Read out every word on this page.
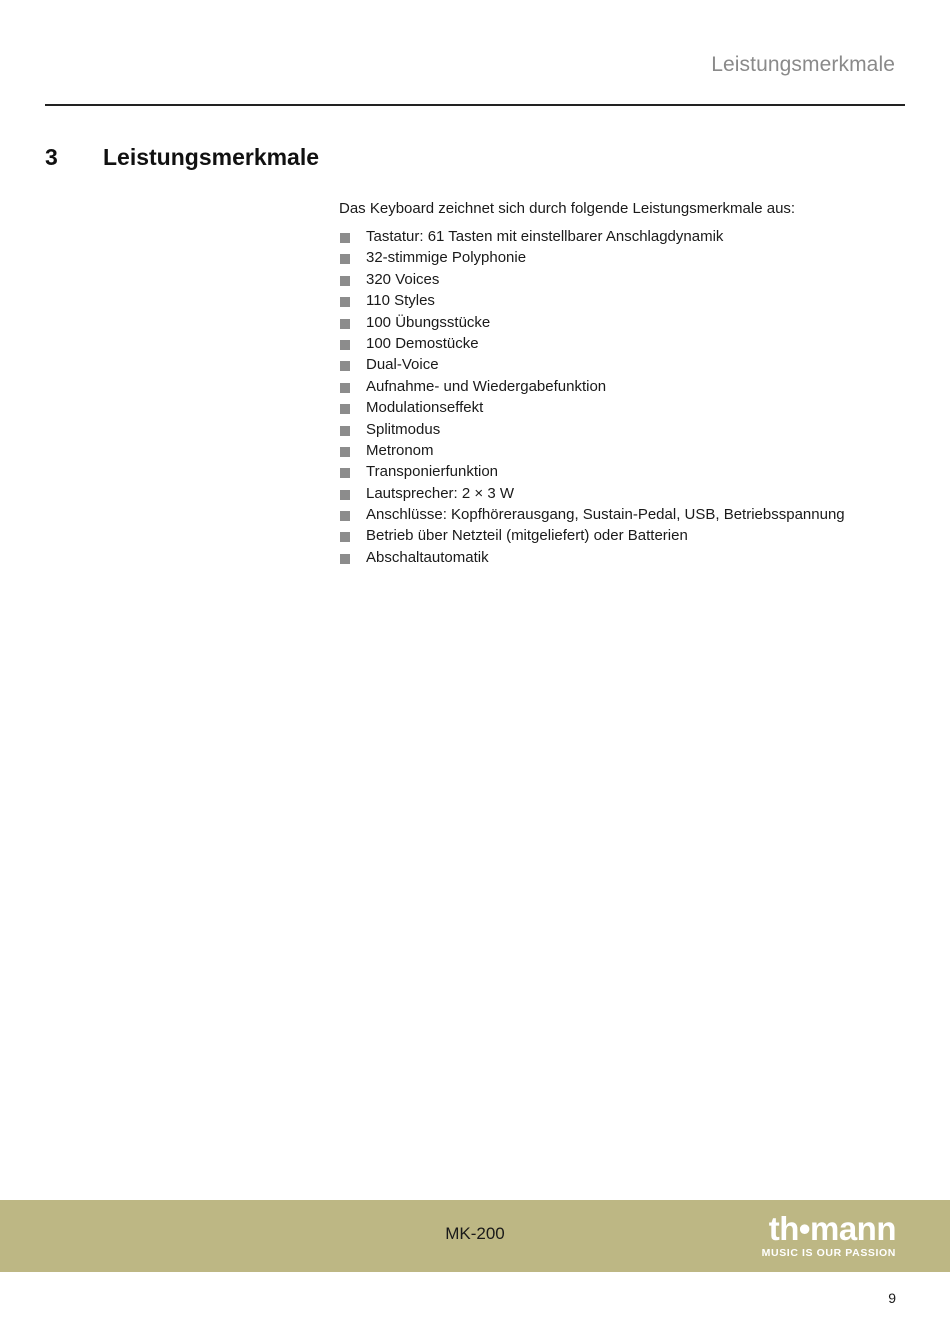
Leistungsmerkmale
3 Leistungsmerkmale
Das Keyboard zeichnet sich durch folgende Leistungsmerkmale aus:
Tastatur: 61 Tasten mit einstellbarer Anschlagdynamik
32-stimmige Polyphonie
320 Voices
110 Styles
100 Übungsstücke
100 Demostücke
Dual-Voice
Aufnahme- und Wiedergabefunktion
Modulationseffekt
Splitmodus
Metronom
Transponierfunktion
Lautsprecher: 2 × 3 W
Anschlüsse: Kopfhörerausgang, Sustain-Pedal, USB, Betriebsspannung
Betrieb über Netzteil (mitgeliefert) oder Batterien
Abschaltautomatik
MK-200	th•mann
MUSIC IS OUR PASSION
9
